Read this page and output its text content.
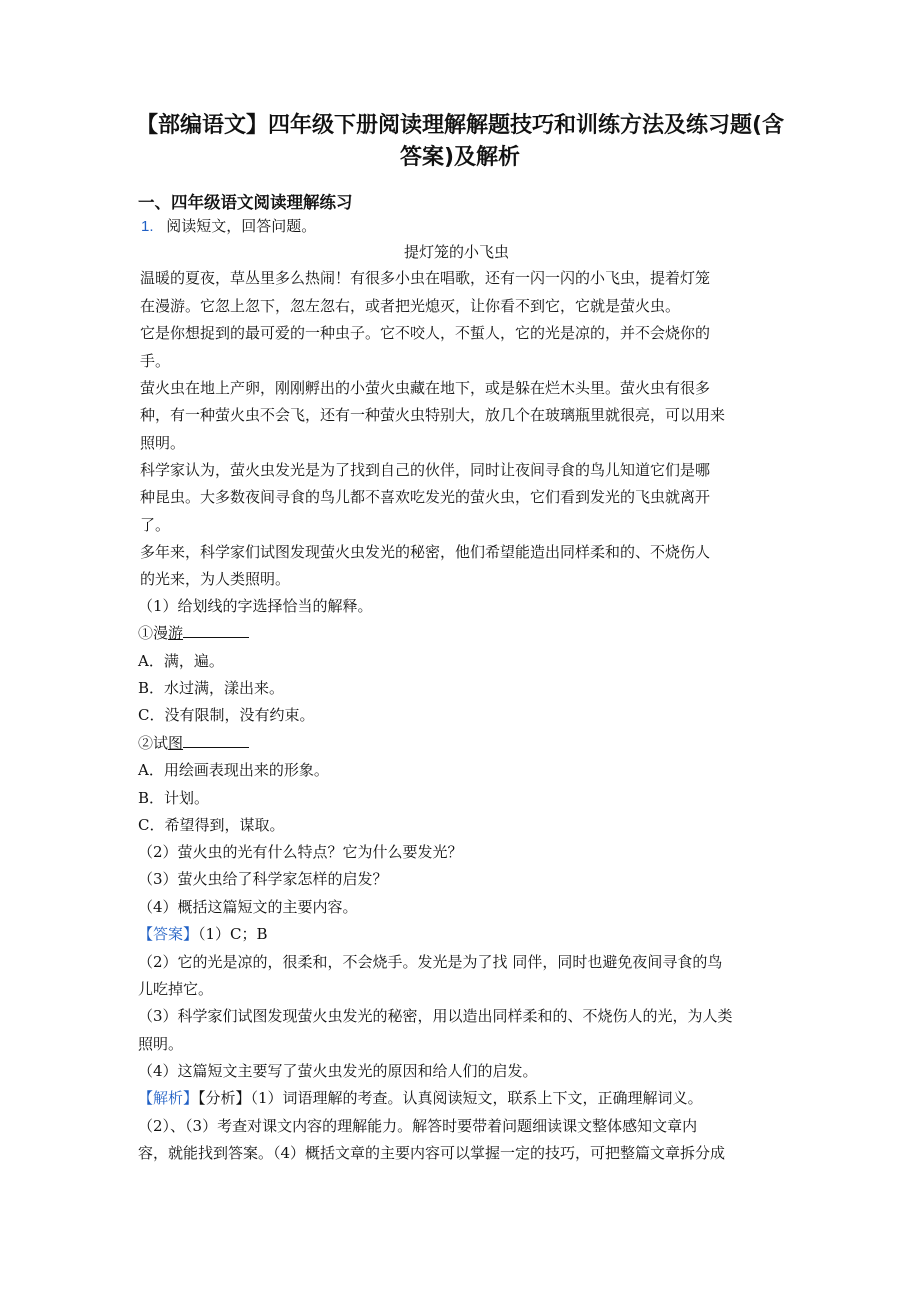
【部编语文】四年级下册阅读理解解题技巧和训练方法及练习题(含
答案)及解析
一、四年级语文阅读理解练习
1. 阅读短文，回答问题。
提灯笼的小飞虫
温暖的夏夜，草丛里多么热闹！有很多小虫在唱歌，还有一闪一闪的小飞虫，提着灯笼
在漫游。它忽上忽下，忽左忽右，或者把光熄灭，让你看不到它，它就是萤火虫。
它是你想捉到的最可爱的一种虫子。它不咬人，不蜇人，它的光是凉的，并不会烧你的
手。
萤火虫在地上产卵，刚刚孵出的小萤火虫藏在地下，或是躲在烂木头里。萤火虫有很多
种，有一种萤火虫不会飞，还有一种萤火虫特别大，放几个在玻璃瓶里就很亮，可以用来
照明。
科学家认为，萤火虫发光是为了找到自己的伙伴，同时让夜间寻食的鸟儿知道它们是哪
种昆虫。大多数夜间寻食的鸟儿都不喜欢吃发光的萤火虫，它们看到发光的飞虫就离开
了。
多年来，科学家们试图发现萤火虫发光的秘密，他们希望能造出同样柔和的、不烧伤人
的光来，为人类照明。
（1）给划线的字选择恰当的解释。
①漫游
A．满，遍。
B．水过满，漾出来。
C．没有限制，没有约束。
②试图
A．用绘画表现出来的形象。
B．计划。
C．希望得到，谋取。
（2）萤火虫的光有什么特点？它为什么要发光？
（3）萤火虫给了科学家怎样的启发？
（4）概括这篇短文的主要内容。
【答案】（1）C；B
（2）它的光是凉的，很柔和，不会烧手。发光是为了找 同伴，同时也避免夜间寻食的鸟
儿吃掉它。
（3）科学家们试图发现萤火虫发光的秘密，用以造出同样柔和的、不烧伤人的光，为人类
照明。
（4）这篇短文主要写了萤火虫发光的原因和给人们的启发。
【解析】【分析】（1）词语理解的考查。认真阅读短文，联系上下文，正确理解词义。
（2）、（3）考查对课文内容的理解能力。解答时要带着问题细读课文整体感知文章内
容，就能找到答案。（4）概括文章的主要内容可以掌握一定的技巧，可把整篇文章拆分成
